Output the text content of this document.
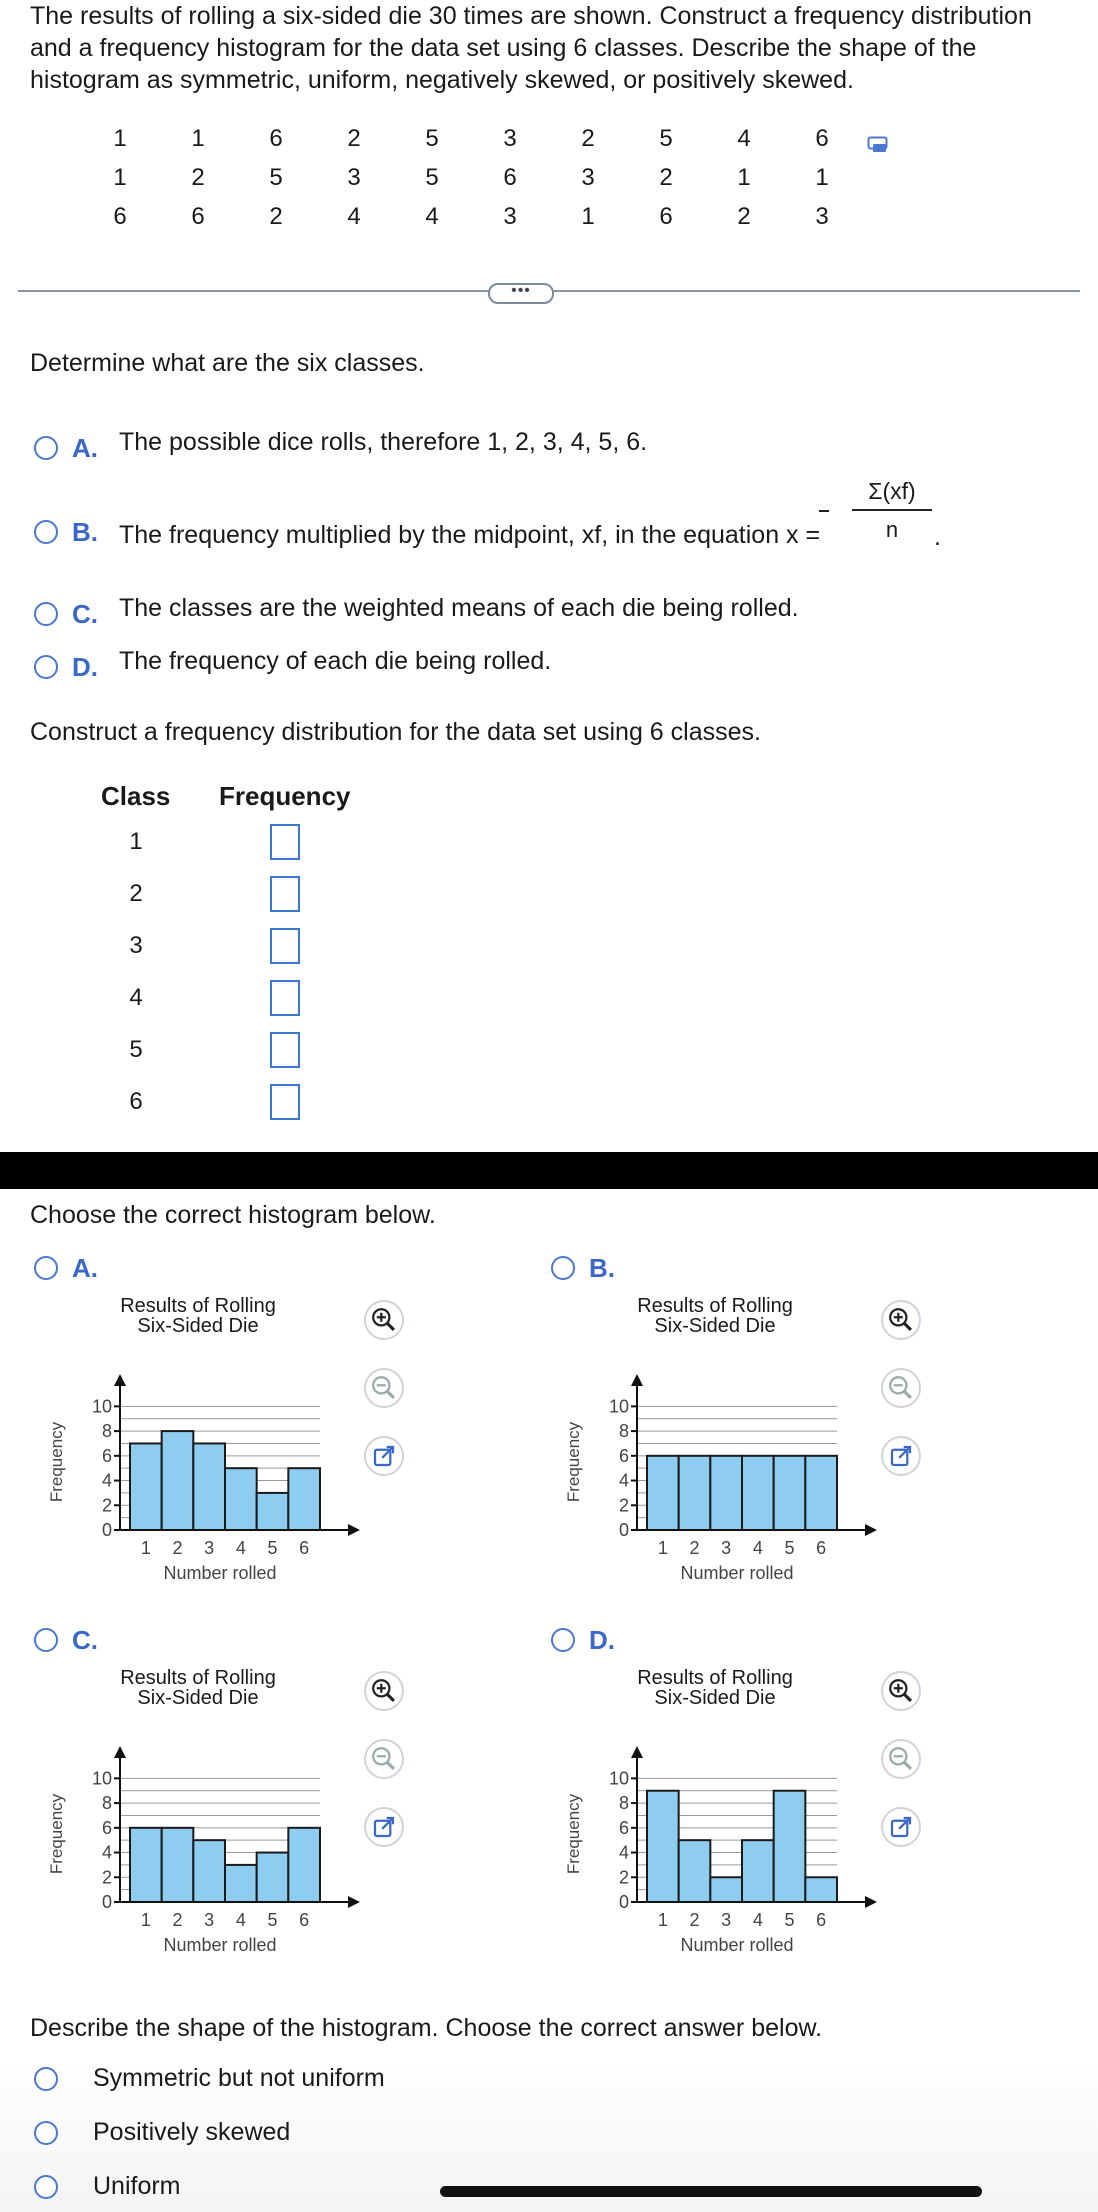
The results of rolling a six-sided die 30 times are shown. Construct a frequency distribution and a frequency histogram for the data set using 6 classes. Describe the shape of the histogram as symmetric, uniform, negatively skewed, or positively skewed.
1	1	6	2	5	3	2	5	4	6
1	2	5	3	5	6	3	2	1	1
6	6	2	4	4	3	1	6	2	3
•••
Determine what are the six classes.
A. The possible dice rolls, therefore 1, 2, 3, 4, 5, 6.
B. The frequency multiplied by the midpoint, xf, in the equation $x = \frac{\Sigma(xf)}{n}$ .
C. The classes are the weighted means of each die being rolled.
D. The frequency of each die being rolled.
Construct a frequency distribution for the data set using 6 classes.
Class Frequency
1
2
3
4
5
6
Choose the correct histogram below.
A.	B.
C.	D.
Results of Rolling
Six-Sided Die
0
2
4
6
8
10
1 2 3 4 5 6
Number rolled
Frequency
Results of Rolling
Six-Sided Die
0
2
4
6
8
10
1 2 3 4 5 6
Number rolled
Frequency
Results of Rolling
Six-Sided Die
0
2
4
6
8
10
1 2 3 4 5 6
Number rolled
Frequency
Results of Rolling
Six-Sided Die
0
2
4
6
8
10
1 2 3 4 5 6
Number rolled
Frequency
Describe the shape of the histogram. Choose the correct answer below.
Symmetric but not uniform
Positively skewed
Uniform
